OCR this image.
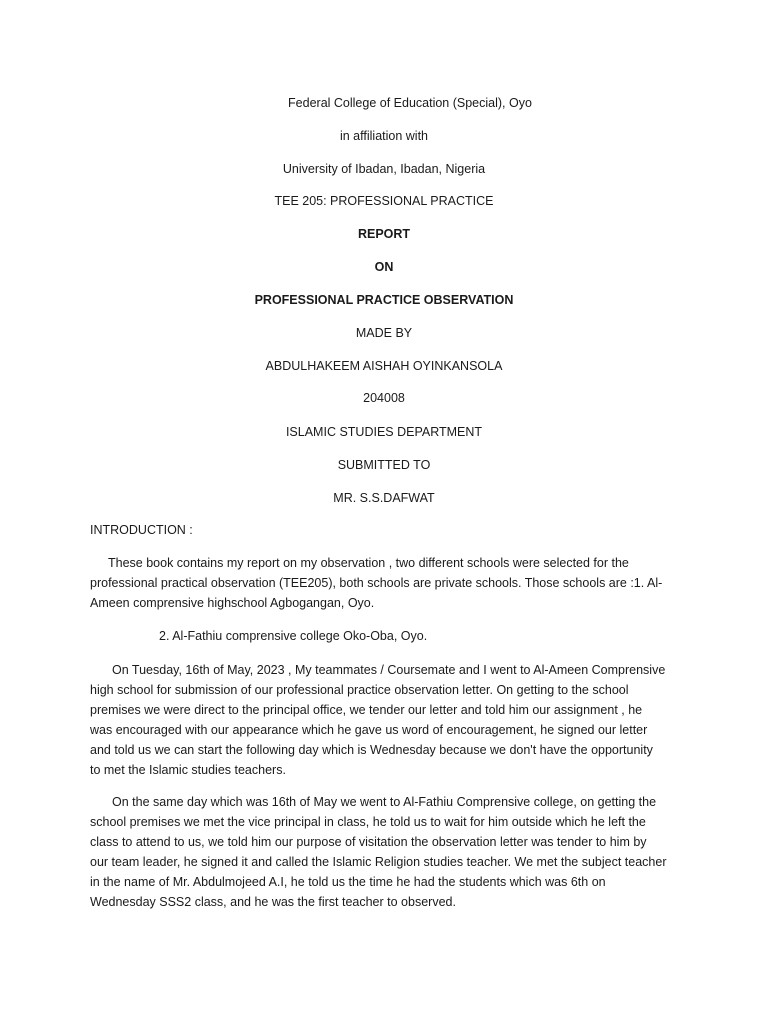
Federal College of Education (Special), Oyo
in affiliation with
University of Ibadan, Ibadan, Nigeria
TEE 205: PROFESSIONAL PRACTICE
REPORT
ON
PROFESSIONAL PRACTICE OBSERVATION
MADE BY
ABDULHAKEEM AISHAH OYINKANSOLA
204008
ISLAMIC STUDIES DEPARTMENT
SUBMITTED TO
MR. S.S.DAFWAT
INTRODUCTION :
These book contains my report on my observation , two different schools were selected for the
professional practical observation (TEE205), both schools are private schools. Those schools are :1. Al-
Ameen comprensive highschool Agbogangan, Oyo.
2. Al-Fathiu comprensive college Oko-Oba, Oyo.
On Tuesday, 16th of May, 2023 , My teammates / Coursemate and I went to Al-Ameen Comprensive
high school for submission of our professional practice observation letter. On getting to the school
premises we were direct to the principal office, we tender our letter and told him our assignment , he
was encouraged with our appearance which he gave us word of encouragement, he signed our letter
and told us we can start the following day which is Wednesday because we don't have the opportunity
to met the Islamic studies teachers.
On the same day which was 16th of May we went to Al-Fathiu Comprensive college, on getting the
school premises we met the vice principal in class, he told us to wait for him outside which he left the
class to attend to us, we told him our purpose of visitation the observation letter was tender to him by
our team leader, he signed it and called the Islamic Religion studies teacher. We met the subject teacher
in the name of Mr. Abdulmojeed A.I, he told us the time he had the students which was 6th on
Wednesday SSS2 class, and he was the first teacher to observed.
